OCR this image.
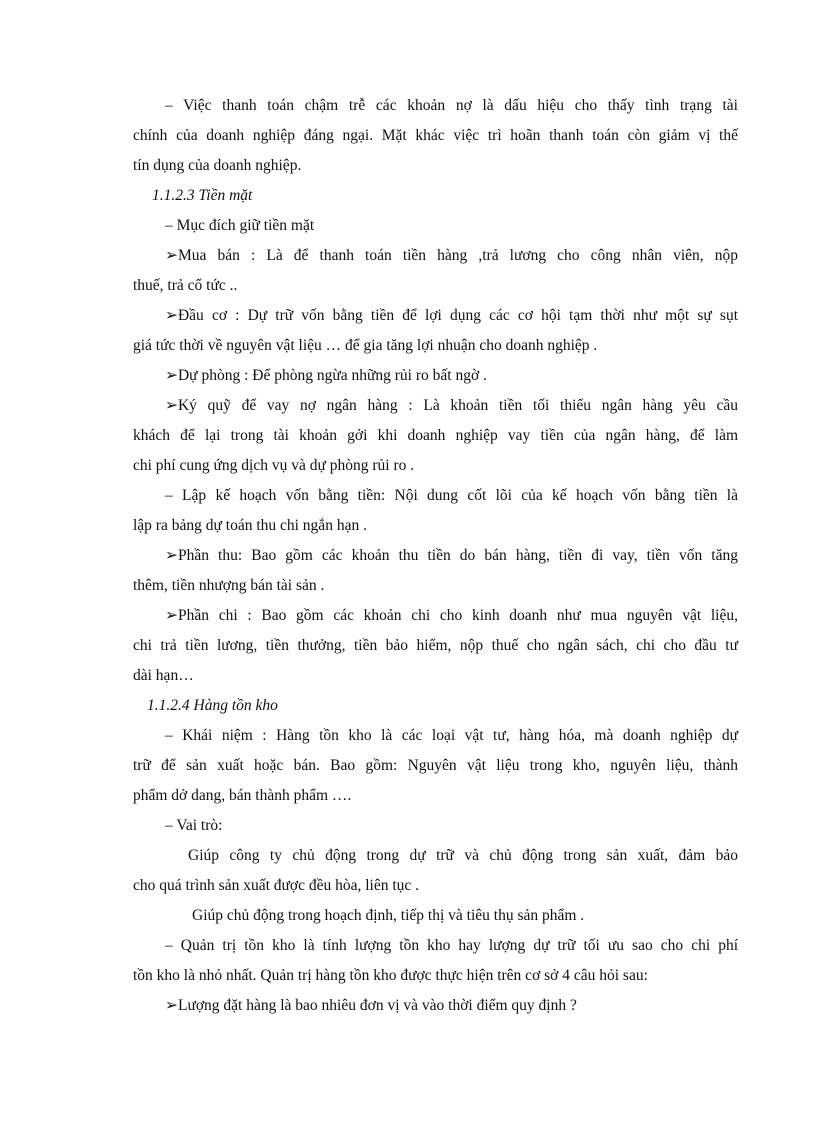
– Việc thanh toán chậm trễ các khoản nợ là dấu hiệu cho thấy tình trạng tài
chính của doanh nghiệp đáng ngại. Mặt khác việc trì hoãn thanh toán còn giảm vị thế
tín dụng của doanh nghiệp.
1.1.2.3 Tiền mặt
– Mục đích giữ tiền mặt
➢Mua bán : Là để thanh toán tiền hàng ,trả lương cho công nhân viên, nộp
thuế, trả cổ tức ..
➢Đầu cơ : Dự trữ vốn bằng tiền để lợi dụng các cơ hội tạm thời như một sự sụt
giá tức thời về nguyên vật liệu … để gia tăng lợi nhuận cho doanh nghiệp .
➢Dự phòng : Để phòng ngừa những rủi ro bất ngờ .
➢Ký quỹ để vay nợ ngân hàng : Là khoản tiền tối thiểu ngân hàng yêu cầu
khách để lại trong tài khoản gởi khi doanh nghiệp vay tiền của ngân hàng, để làm
chi phí cung ứng dịch vụ và dự phòng rủi ro .
– Lập kế hoạch vốn bằng tiền: Nội dung cốt lõi của kế hoạch vốn bằng tiền là
lập ra bảng dự toán thu chi ngắn hạn .
➢Phần thu: Bao gồm các khoản thu tiền do bán hàng, tiền đi vay, tiền vốn tăng
thêm, tiền nhượng bán tài sản .
➢Phần chi : Bao gồm các khoản chi cho kinh doanh như mua nguyên vật liệu,
chi trả tiền lương, tiền thưởng, tiền bảo hiểm, nộp thuế cho ngân sách, chi cho đầu tư
dài hạn…
1.1.2.4 Hàng tồn kho
– Khái niệm : Hàng tồn kho là các loại vật tư, hàng hóa, mà doanh nghiệp dự
trữ để sản xuất hoặc bán. Bao gồm: Nguyên vật liệu trong kho, nguyên liệu, thành
phẩm dở dang, bán thành phẩm ….
– Vai trò:
Giúp công ty chủ động trong dự trữ và chủ động trong sản xuất, đảm bảo
cho quá trình sản xuất được đều hòa, liên tục .
Giúp chủ động trong hoạch định, tiếp thị và tiêu thụ sản phẩm .
– Quản trị tồn kho là tính lượng tồn kho hay lượng dự trữ tối ưu sao cho chi phí
tồn kho là nhỏ nhất. Quản trị hàng tồn kho được thực hiện trên cơ sở 4 câu hỏi sau:
➢Lượng đặt hàng là bao nhiêu đơn vị và vào thời điểm quy định ?
